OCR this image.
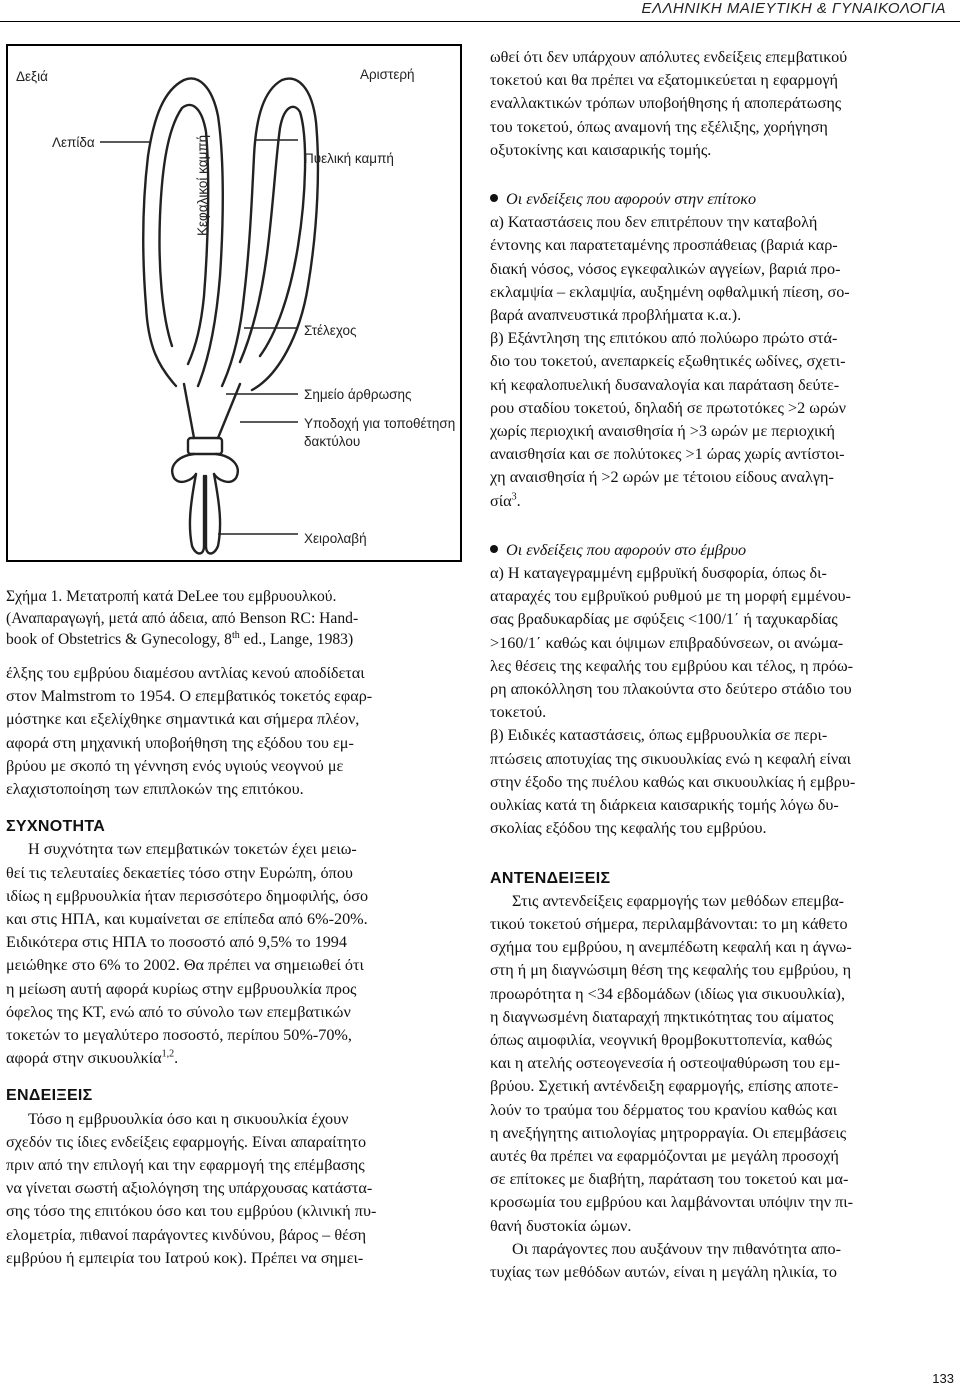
ΕΛΛΗΝΙΚΗ ΜΑΙΕΥΤΙΚΗ & ΓΥΝΑΙΚΟΛΟΓΙΑ
Δεξιά	Αριστερή
Λεπίδα	Κεφαλικοί καμπή	Πυελική καμπή
Στέλεχος
Σημείο άρθρωσης
Υποδοχή για τοποθέτηση
δακτύλου
Χειρολαβή
Σχήμα 1. Μετατροπή κατά DeLee του εμβρυουλκού.
(Αναπαραγωγή, μετά από άδεια, από Benson RC: Hand-
book of Obstetrics & Gynecology, 8th ed., Lange, 1983)

έλξης του εμβρύου διαμέσου αντλίας κενού αποδίδεται

στον Malmstrom το 1954. Ο επεμβατικός τοκετός εφαρ-

μόστηκε και εξελίχθηκε σημαντικά και σήμερα πλέον,

αφορά στη μηχανική υποβοήθηση της εξόδου του εμ-

βρύου με σκοπό τη γέννηση ενός υγιούς νεογνού με

ελαχιστοποίηση των επιπλοκών της επιτόκου.

ΣΥΧΝΟΤΗΤΑ

Η συχνότητα των επεμβατικών τοκετών έχει μειω-

θεί τις τελευταίες δεκαετίες τόσο στην Ευρώπη, όπου

ιδίως η εμβρυουλκία ήταν περισσότερο δημοφιλής, όσο

και στις ΗΠΑ, και κυμαίνεται σε επίπεδα από 6%-20%.

Ειδικότερα στις ΗΠΑ το ποσοστό από 9,5% το 1994

μειώθηκε στο 6% το 2002. Θα πρέπει να σημειωθεί ότι

η μείωση αυτή αφορά κυρίως στην εμβρυουλκία προς

όφελος της ΚΤ, ενώ από το σύνολο των επεμβατικών

τοκετών το μεγαλύτερο ποσοστό, περίπου 50%-70%,

αφορά στην σικυουλκία$^{1,2}$.

ΕΝΔΕΙΞΕΙΣ

Τόσο η εμβρυουλκία όσο και η σικυουλκία έχουν

σχεδόν τις ίδιες ενδείξεις εφαρμογής. Είναι απαραίτητο

πριν από την επιλογή και την εφαρμογή της επέμβασης

να γίνεται σωστή αξιολόγηση της υπάρχουσας κατάστα-

σης τόσο της επιτόκου όσο και του εμβρύου (κλινική πυ-

ελομετρία, πιθανοί παράγοντες κινδύνου, βάρος – θέση

εμβρύου ή εμπειρία του Ιατρού κοκ). Πρέπει να σημει-

ωθεί ότι δεν υπάρχουν απόλυτες ενδείξεις επεμβατικού

τοκετού και θα πρέπει να εξατομικεύεται η εφαρμογή

εναλλακτικών τρόπων υποβοήθησης ή αποπεράτωσης

του τοκετού, όπως αναμονή της εξέλιξης, χορήγηση

οξυτοκίνης και καισαρικής τομής.

Οι ενδείξεις που αφορούν στην επίτοκο

α) Καταστάσεις που δεν επιτρέπουν την καταβολή

έντονης και παρατεταμένης προσπάθειας (βαριά καρ-

διακή νόσος, νόσος εγκεφαλικών αγγείων, βαριά προ-

εκλαμψία – εκλαμψία, αυξημένη οφθαλμική πίεση, σο-

βαρά αναπνευστικά προβλήματα κ.α.).

β) Εξάντληση της επιτόκου από πολύωρο πρώτο στά-

διο του τοκετού, ανεπαρκείς εξωθητικές ωδίνες, σχετι-

κή κεφαλοπυελική δυσαναλογία και παράταση δεύτε-

ρου σταδίου τοκετού, δηλαδή σε πρωτοτόκες >2 ωρών

χωρίς περιοχική αναισθησία ή >3 ωρών με περιοχική

αναισθησία και σε πολύτοκες >1 ώρας χωρίς αντίστοι-

χη αναισθησία ή >2 ωρών με τέτοιου είδους αναλγη-

σία$^3$.

Οι ενδείξεις που αφορούν στο έμβρυο

α) Η καταγεγραμμένη εμβρυϊκή δυσφορία, όπως δι-

αταραχές του εμβρυϊκού ρυθμού με τη μορφή εμμένου-

σας βραδυκαρδίας με σφύξεις <100/1΄ ή ταχυκαρδίας

>160/1΄ καθώς και όψιμων επιβραδύνσεων, οι ανώμα-

λες θέσεις της κεφαλής του εμβρύου και τέλος, η πρόω-

ρη αποκόλληση του πλακούντα στο δεύτερο στάδιο του

τοκετού.

β) Ειδικές καταστάσεις, όπως εμβρυουλκία σε περι-

πτώσεις αποτυχίας της σικυουλκίας ενώ η κεφαλή είναι

στην έξοδο της πυέλου καθώς και σικυουλκίας ή εμβρυ-

ουλκίας κατά τη διάρκεια καισαρικής τομής λόγω δυ-

σκολίας εξόδου της κεφαλής του εμβρύου.

ΑΝΤΕΝΔΕΙΞΕΙΣ

Στις αντενδείξεις εφαρμογής των μεθόδων επεμβα-

τικού τοκετού σήμερα, περιλαμβάνονται: το μη κάθετο

σχήμα του εμβρύου, η ανεμπέδωτη κεφαλή και η άγνω-

στη ή μη διαγνώσιμη θέση της κεφαλής του εμβρύου, η

προωρότητα η <34 εβδομάδων (ιδίως για σικυουλκία),

η διαγνωσμένη διαταραχή πηκτικότητας του αίματος

όπως αιμοφιλία, νεογνική θρομβοκυττοπενία, καθώς

και η ατελής οστεογενεσία ή οστεοψαθύρωση του εμ-

βρύου. Σχετική αντένδειξη εφαρμογής, επίσης αποτε-

λούν το τραύμα του δέρματος του κρανίου καθώς και

η ανεξήγητης αιτιολογίας μητρορραγία. Οι επεμβάσεις

αυτές θα πρέπει να εφαρμόζονται με μεγάλη προσοχή

σε επίτοκες με διαβήτη, παράταση του τοκετού και μα-

κροσωμία του εμβρύου και λαμβάνονται υπόψιν την πι-

θανή δυστοκία ώμων.

Οι παράγοντες που αυξάνουν την πιθανότητα απο-

τυχίας των μεθόδων αυτών, είναι η μεγάλη ηλικία, το

133
